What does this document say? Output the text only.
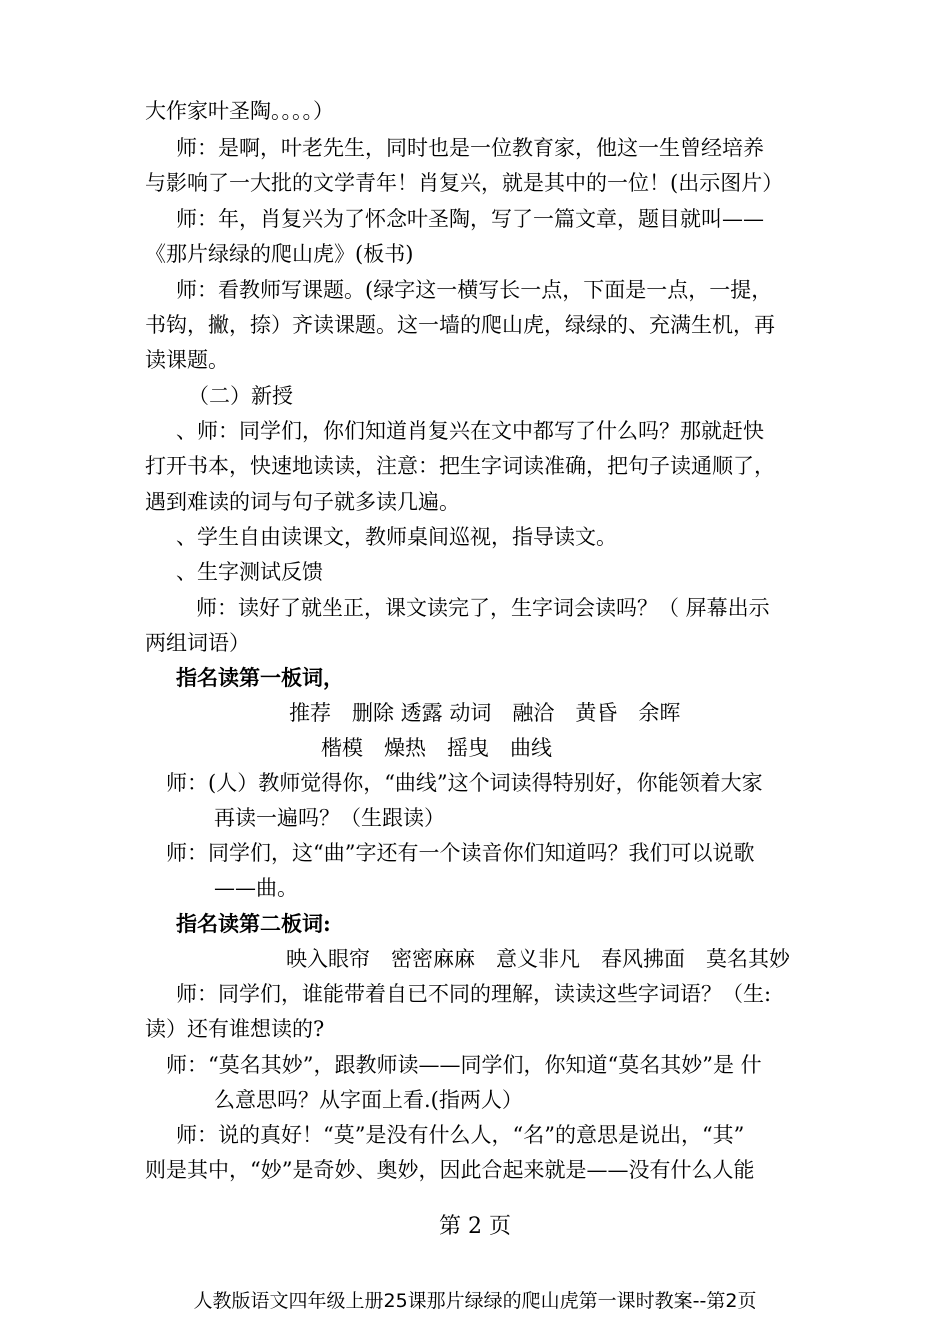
大作家叶圣陶。。。。）

师：是啊，叶老先生，同时也是一位教育家，他这一生曾经培养

与影响了一大批的文学青年！肖复兴，就是其中的一位！(出示图片）

师：年，肖复兴为了怀念叶圣陶，写了一篇文章，题目就叫——

《那片绿绿的爬山虎》(板书)

师：看教师写课题。(绿字这一横写长一点，下面是一点，一提，

书钩，撇，捺）齐读课题。这一墙的爬山虎，绿绿的、充满生机，再

读课题。

（二）新授

、师：同学们，你们知道肖复兴在文中都写了什么吗？那就赶快

打开书本，快速地读读，注意：把生字词读准确，把句子读通顺了，

遇到难读的词与句子就多读几遍。

、学生自由读课文，教师桌间巡视，指导读文。

、生字测试反馈

师：读好了就坐正，课文读完了，生字词会读吗？（ 屏幕出示

两组词语）

指名读第一板词，

推荐　删除 透露 动词　融洽　黄昏　余晖

楷模　燥热　摇曳　曲线

师：(人）教师觉得你，“曲线”这个词读得特别好，你能领着大家

再读一遍吗？（生跟读）

师：同学们，这“曲”字还有一个读音你们知道吗？我们可以说歌

——曲。

指名读第二板词:

映入眼帘　密密麻麻　意义非凡　春风拂面　莫名其妙

师：同学们，谁能带着自已不同的理解，读读这些字词语？（生:

读）还有谁想读的?

师：“莫名其妙”，跟教师读——同学们，你知道“莫名其妙”是 什

么意思吗？从字面上看.(指两人）

师：说的真好！“莫”是没有什么人，“名”的意思是说出，“其”

则是其中，“妙”是奇妙、奥妙，因此合起来就是——没有什么人能

第 2 页
人教版语文四年级上册25课那片绿绿的爬山虎第一课时教案--第2页
